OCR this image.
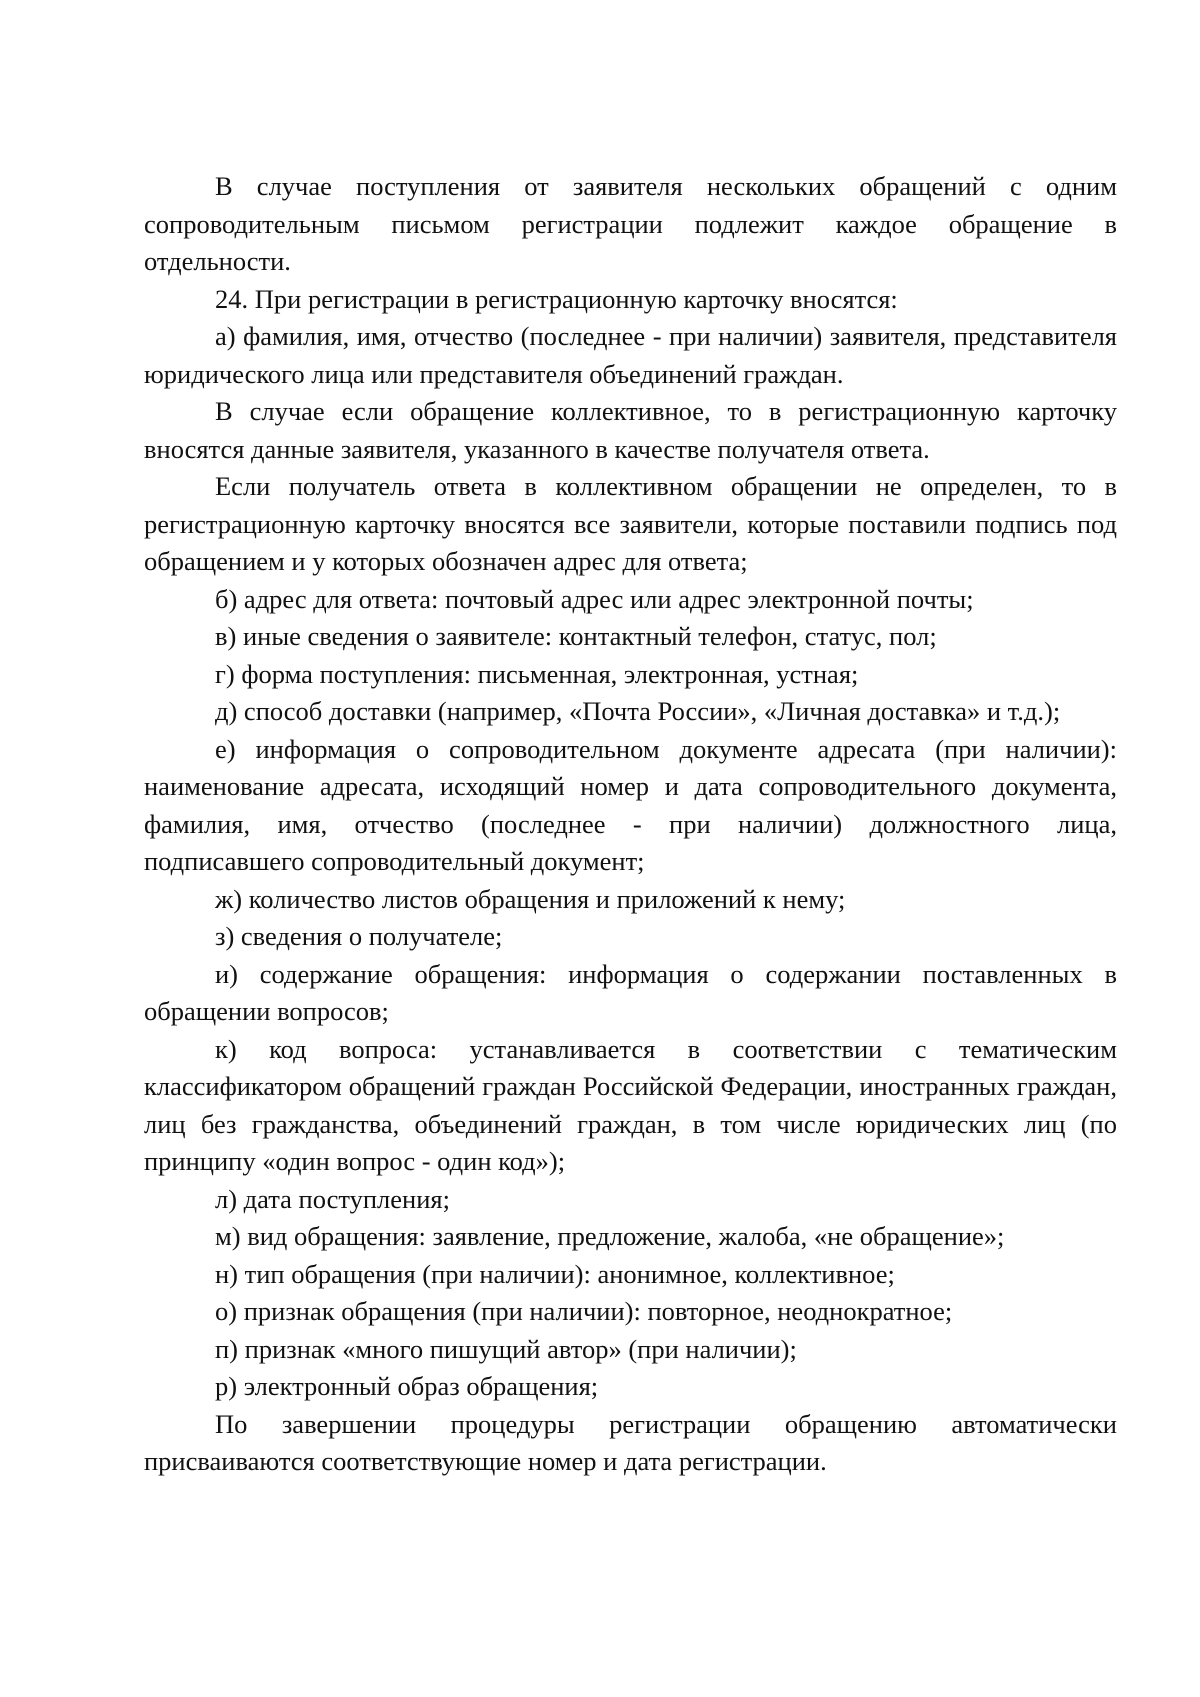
В случае поступления от заявителя нескольких обращений с одним сопроводительным письмом регистрации подлежит каждое обращение в отдельности.

24. При регистрации в регистрационную карточку вносятся:

а) фамилия, имя, отчество (последнее - при наличии) заявителя, представителя юридического лица или представителя объединений граждан.

В случае если обращение коллективное, то в регистрационную карточку вносятся данные заявителя, указанного в качестве получателя ответа.

Если получатель ответа в коллективном обращении не определен, то в регистрационную карточку вносятся все заявители, которые поставили подпись под обращением и у которых обозначен адрес для ответа;

б) адрес для ответа: почтовый адрес или адрес электронной почты;

в) иные сведения о заявителе: контактный телефон, статус, пол;

г) форма поступления: письменная, электронная, устная;

д) способ доставки (например, «Почта России», «Личная доставка» и т.д.);

е) информация о сопроводительном документе адресата (при наличии): наименование адресата, исходящий номер и дата сопроводительного документа, фамилия, имя, отчество (последнее - при наличии) должностного лица, подписавшего сопроводительный документ;

ж) количество листов обращения и приложений к нему;

з) сведения о получателе;

и) содержание обращения: информация о содержании поставленных в обращении вопросов;

к) код вопроса: устанавливается в соответствии с тематическим классификатором обращений граждан Российской Федерации, иностранных граждан, лиц без гражданства, объединений граждан, в том числе юридических лиц (по принципу «один вопрос - один код»);

л) дата поступления;

м) вид обращения: заявление, предложение, жалоба, «не обращение»;

н) тип обращения (при наличии): анонимное, коллективное;

о) признак обращения (при наличии): повторное, неоднократное;

п) признак «много пишущий автор» (при наличии);

р) электронный образ обращения;

По завершении процедуры регистрации обращению автоматически присваиваются соответствующие номер и дата регистрации.
